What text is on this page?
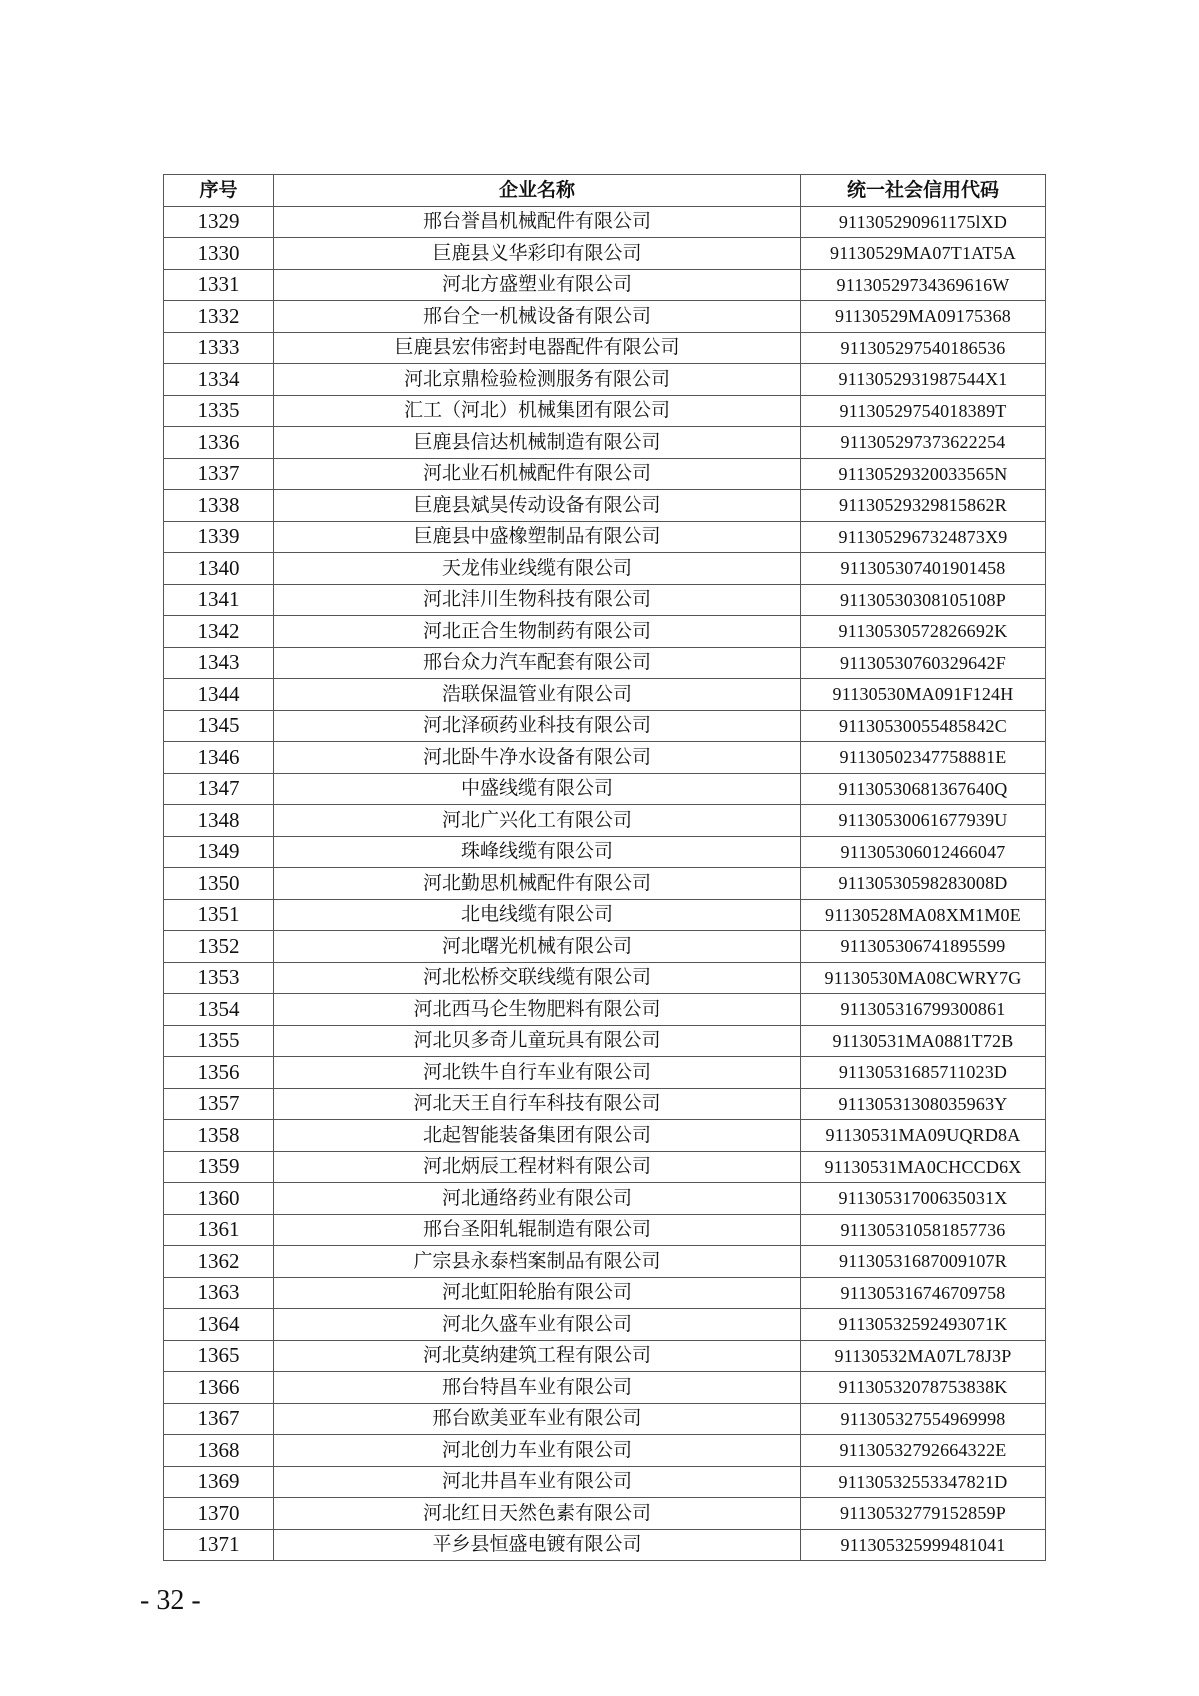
序号	企业名称	统一社会信用代码
1329	邢台誉昌机械配件有限公司	911305290961175lXD
1330	巨鹿县义华彩印有限公司	91130529MA07T1AT5A
1331	河北方盛塑业有限公司	91130529734369616W
1332	邢台仝一机械设备有限公司	91130529MA09175368
1333	巨鹿县宏伟密封电器配件有限公司	911305297540186536
1334	河北京鼎检验检测服务有限公司	9113052931987544X1
1335	汇工（河北）机械集团有限公司	91130529754018389T
1336	巨鹿县信达机械制造有限公司	911305297373622254
1337	河北业石机械配件有限公司	91130529320033565N
1338	巨鹿县斌昊传动设备有限公司	91130529329815862R
1339	巨鹿县中盛橡塑制品有限公司	9113052967324873X9
1340	天龙伟业线缆有限公司	911305307401901458
1341	河北沣川生物科技有限公司	91130530308105108P
1342	河北正合生物制药有限公司	91130530572826692K
1343	邢台众力汽车配套有限公司	91130530760329642F
1344	浩联保温管业有限公司	91130530MA091F124H
1345	河北泽硕药业科技有限公司	91130530055485842C
1346	河北卧牛净水设备有限公司	91130502347758881E
1347	中盛线缆有限公司	91130530681367640Q
1348	河北广兴化工有限公司	91130530061677939U
1349	珠峰线缆有限公司	911305306012466047
1350	河北勤思机械配件有限公司	91130530598283008D
1351	北电线缆有限公司	91130528MA08XM1M0E
1352	河北曙光机械有限公司	911305306741895599
1353	河北松桥交联线缆有限公司	91130530MA08CWRY7G
1354	河北西马仑生物肥料有限公司	911305316799300861
1355	河北贝多奇儿童玩具有限公司	91130531MA0881T72B
1356	河北铁牛自行车业有限公司	91130531685711023D
1357	河北天王自行车科技有限公司	91130531308035963Y
1358	北起智能装备集团有限公司	91130531MA09UQRD8A
1359	河北炳辰工程材料有限公司	91130531MA0CHCCD6X
1360	河北通络药业有限公司	91130531700635031X
1361	邢台圣阳轧辊制造有限公司	911305310581857736
1362	广宗县永泰档案制品有限公司	91130531687009107R
1363	河北虹阳轮胎有限公司	911305316746709758
1364	河北久盛车业有限公司	91130532592493071K
1365	河北莫纳建筑工程有限公司	91130532MA07L78J3P
1366	邢台特昌车业有限公司	91130532078753838K
1367	邢台欧美亚车业有限公司	911305327554969998
1368	河北创力车业有限公司	91130532792664322E
1369	河北井昌车业有限公司	91130532553347821D
1370	河北红日天然色素有限公司	91130532779152859P
1371	平乡县恒盛电镀有限公司	911305325999481041
- 32 -
